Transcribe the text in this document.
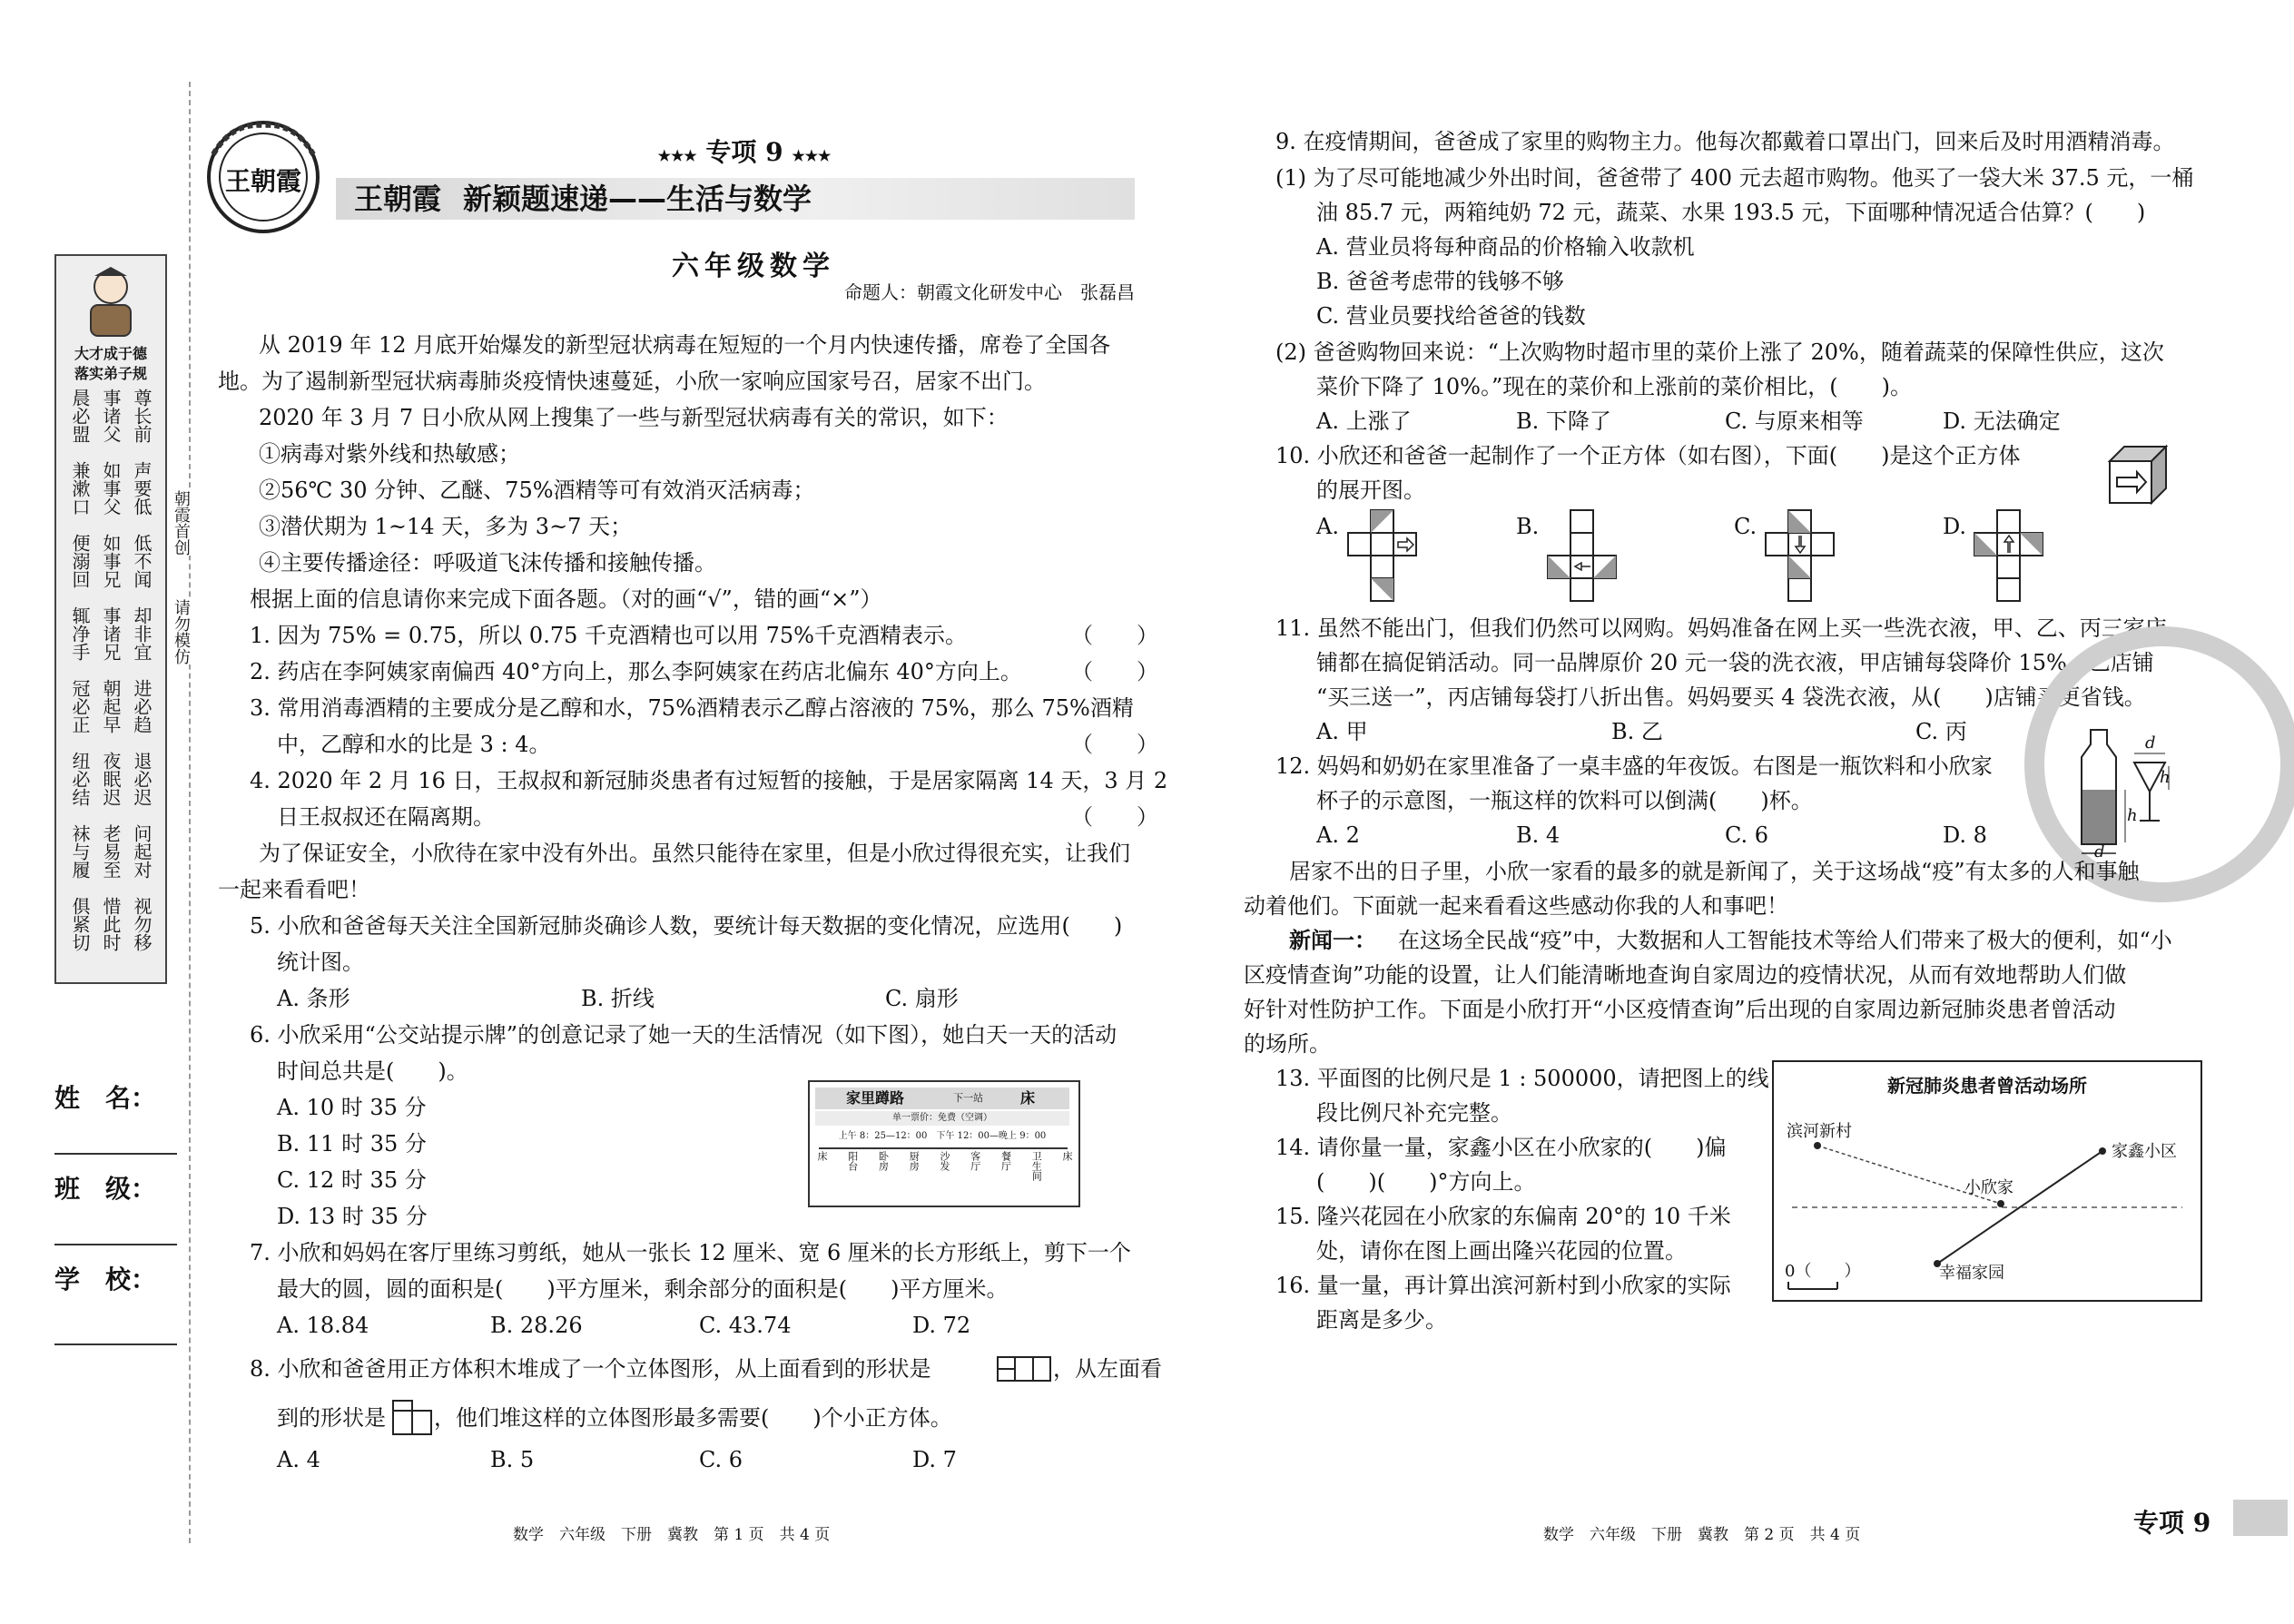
王朝霞
★★★ 专项 9 ★★★
王朝霞 新颖题速递——生活与数学
六年级数学
命题人：朝霞文化研发中心　张磊昌
大才成于德
落实弟子规
晨必盟　兼漱口　便溺回　辄净手　冠必正　纽必结　袜与履　俱紧切 事诸父　如事父　如事兄　事诸兄　朝起早　夜眠迟　老易至　惜此时 尊长前　声要低　低不闻　却非宜　进必趋　退必迟　问起对　视勿移 朝霞首创
请勿模仿
姓　名：
班　级：
学　校：
从 2019 年 12 月底开始爆发的新型冠状病毒在短短的一个月内快速传播，席卷了全国各
地。为了遏制新型冠状病毒肺炎疫情快速蔓延，小欣一家响应国家号召，居家不出门。
2020 年 3 月 7 日小欣从网上搜集了一些与新型冠状病毒有关的常识，如下：
①病毒对紫外线和热敏感；
②56℃ 30 分钟、乙醚、75%酒精等可有效消灭活病毒；
③潜伏期为 1~14 天，多为 3~7 天；
④主要传播途径：呼吸道飞沫传播和接触传播。
根据上面的信息请你来完成下面各题。（对的画“√”，错的画“×”）
1. 因为 75% = 0.75，所以 0.75 千克酒精也可以用 75%千克酒精表示。	（　　）
2. 药店在李阿姨家南偏西 40°方向上，那么李阿姨家在药店北偏东 40°方向上。 （　　）
3. 常用消毒酒精的主要成分是乙醇和水，75%酒精表示乙醇占溶液的 75%，那么 75%酒精
中，乙醇和水的比是 3 : 4。	（　　）
4. 2020 年 2 月 16 日，王叔叔和新冠肺炎患者有过短暂的接触，于是居家隔离 14 天，3 月 2
日王叔叔还在隔离期。	（　　）
为了保证安全，小欣待在家中没有外出。虽然只能待在家里，但是小欣过得很充实，让我们
一起来看看吧！
5. 小欣和爸爸每天关注全国新冠肺炎确诊人数，要统计每天数据的变化情况，应选用(　　)
统计图。
A. 条形	B. 折线	C. 扇形
6. 小欣采用“公交站提示牌”的创意记录了她一天的生活情况（如下图），她白天一天的活动
时间总共是(　　)。
A. 10 时 35 分
B. 11 时 35 分
C. 12 时 35 分
D. 13 时 35 分
家里蹲路	下一站	床
单一票价：免费（空调）
上午 8：25—12：00　下午 12：00—晚上 9：00
床 阳台 卧房 厨房 沙发 客厅 餐厅 卫生间 床
7. 小欣和妈妈在客厅里练习剪纸，她从一张长 12 厘米、宽 6 厘米的长方形纸上，剪下一个
最大的圆，圆的面积是(　　)平方厘米，剩余部分的面积是(　　)平方厘米。
A. 18.84	B. 28.26	C. 43.74	D. 72
8. 小欣和爸爸用正方体积木堆成了一个立体图形，从上面看到的形状是	，从左面看
到的形状是 ，他们堆这样的立体图形最多需要(　　)个小正方体。
A. 4	B. 5	C. 6	D. 7
数学　六年级　下册　冀教　第 1 页　共 4 页
9. 在疫情期间，爸爸成了家里的购物主力。他每次都戴着口罩出门，回来后及时用酒精消毒。
(1) 为了尽可能地减少外出时间，爸爸带了 400 元去超市购物。他买了一袋大米 37.5 元，一桶
油 85.7 元，两箱纯奶 72 元，蔬菜、水果 193.5 元，下面哪种情况适合估算？(　　)
A. 营业员将每种商品的价格输入收款机
B. 爸爸考虑带的钱够不够
C. 营业员要找给爸爸的钱数
(2) 爸爸购物回来说：“上次购物时超市里的菜价上涨了 20%，随着蔬菜的保障性供应，这次
菜价下降了 10%。”现在的菜价和上涨前的菜价相比，(　　)。
A. 上涨了	B. 下降了	C. 与原来相等	D. 无法确定
10. 小欣还和爸爸一起制作了一个正方体（如右图），下面(　　)是这个正方体
的展开图。
A.	B.	C.	D.
11. 虽然不能出门，但我们仍然可以网购。妈妈准备在网上买一些洗衣液，甲、乙、丙三家店
铺都在搞促销活动。同一品牌原价 20 元一袋的洗衣液，甲店铺每袋降价 15%，乙店铺
“买三送一”，丙店铺每袋打八折出售。妈妈要买 4 袋洗衣液，从(　　)店铺买更省钱。
A. 甲	B. 乙	C. 丙
12. 妈妈和奶奶在家里准备了一桌丰盛的年夜饭。右图是一瓶饮料和小欣家
杯子的示意图，一瓶这样的饮料可以倒满(　　)杯。
A. 2	B. 4	C. 6	D. 8
d
h
h
d
居家不出的日子里，小欣一家看的最多的就是新闻了，关于这场战“疫”有太多的人和事触
动着他们。下面就一起来看看这些感动你我的人和事吧！
新闻一： 在这场全民战“疫”中，大数据和人工智能技术等给人们带来了极大的便利，如“小
区疫情查询”功能的设置，让人们能清晰地查询自家周边的疫情状况，从而有效地帮助人们做
好针对性防护工作。下面是小欣打开“小区疫情查询”后出现的自家周边新冠肺炎患者曾活动
的场所。
13. 平面图的比例尺是 1 : 500000，请把图上的线
段比例尺补充完整。
14. 请你量一量，家鑫小区在小欣家的(　　)偏
(　　)(　　)°方向上。
15. 隆兴花园在小欣家的东偏南 20°的 10 千米
处，请你在图上画出隆兴花园的位置。
16. 量一量，再计算出滨河新村到小欣家的实际
距离是多少。
新冠肺炎患者曾活动场所
滨河新村
家鑫小区
小欣家
幸福家园
0（　　）
数学　六年级　下册　冀教　第 2 页　共 4 页	专项 9
